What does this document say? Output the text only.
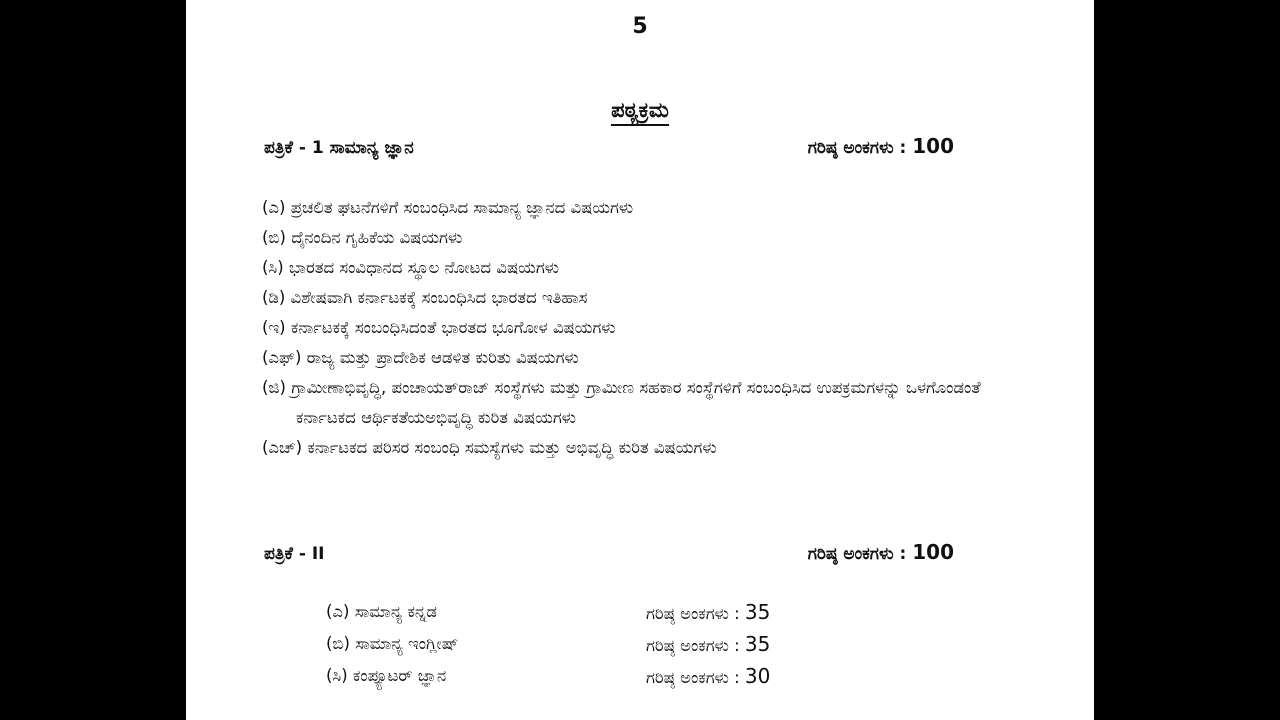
5
ಪಠ್ಯಕ್ರಮ
ಪತ್ರಿಕೆ - 1 ಸಾಮಾನ್ಯ ಜ್ಞಾನ	ಗರಿಷ್ಠ ಅಂಕಗಳು : 100
(ಎ) ಪ್ರಚಲಿತ ಘಟನೆಗಳಿಗೆ ಸಂಬಂಧಿಸಿದ ಸಾಮಾನ್ಯ ಜ್ಞಾನದ ವಿಷಯಗಳು
(ಬಿ) ದೈನಂದಿನ ಗೃಹಿಕೆಯ ವಿಷಯಗಳು
(ಸಿ) ಭಾರತದ ಸಂವಿಧಾನದ ಸ್ಥೂಲ ನೋಟದ ವಿಷಯಗಳು
(ಡಿ) ವಿಶೇಷವಾಗಿ ಕರ್ನಾಟಕಕ್ಕೆ ಸಂಬಂಧಿಸಿದ ಭಾರತದ ಇತಿಹಾಸ
(ಇ) ಕರ್ನಾಟಕಕ್ಕೆ ಸಂಬಂಧಿಸಿದಂತೆ ಭಾರತದ ಭೂಗೋಳ ವಿಷಯಗಳು
(ಎಫ್) ರಾಜ್ಯ ಮತ್ತು ಪ್ರಾದೇಶಿಕ ಆಡಳಿತ ಕುರಿತು ವಿಷಯಗಳು
(ಜಿ) ಗ್ರಾಮೀಣಾಭಿವೃದ್ಧಿ, ಪಂಚಾಯತ್‌ರಾಜ್ ಸಂಸ್ಥೆಗಳು ಮತ್ತು ಗ್ರಾಮೀಣ ಸಹಕಾರ ಸಂಸ್ಥೆಗಳಿಗೆ ಸಂಬಂಧಿಸಿದ ಉಪಕ್ರಮಗಳನ್ನು ಒಳಗೊಂಡಂತೆ ಕರ್ನಾಟಕದ ಆರ್ಥಿಕತೆಯಅಭಿವೃದ್ಧಿ ಕುರಿತ ವಿಷಯಗಳು
(ಎಚ್) ಕರ್ನಾಟಕದ ಪರಿಸರ ಸಂಬಂಧಿ ಸಮಸ್ಯೆಗಳು ಮತ್ತು ಅಭಿವೃದ್ಧಿ ಕುರಿತ ವಿಷಯಗಳು
ಪತ್ರಿಕೆ - II	ಗರಿಷ್ಠ ಅಂಕಗಳು : 100
(ಎ) ಸಾಮಾನ್ಯ ಕನ್ನಡ	ಗರಿಷ್ಠ ಅಂಕಗಳು : 35
(ಬಿ) ಸಾಮಾನ್ಯ ಇಂಗ್ಲೀಷ್	ಗರಿಷ್ಠ ಅಂಕಗಳು : 35
(ಸಿ) ಕಂಪ್ಯೂಟರ್ ಜ್ಞಾನ	ಗರಿಷ್ಠ ಅಂಕಗಳು : 30
